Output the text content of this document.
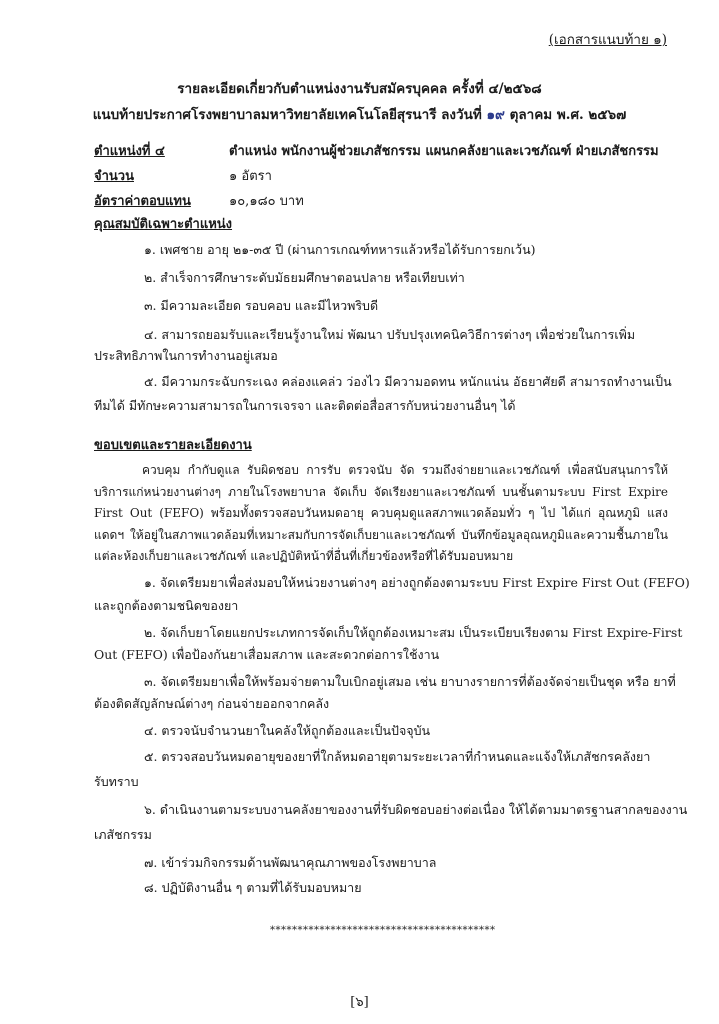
(เอกสารแนบท้าย ๑)
รายละเอียดเกี่ยวกับตำแหน่งงานรับสมัครบุคคล ครั้งที่ ๔/๒๕๖๘
แนบท้ายประกาศโรงพยาบาลมหาวิทยาลัยเทคโนโลยีสุรนารี ลงวันที่ ๑๙ ตุลาคม พ.ศ. ๒๕๖๗
ตำแหน่งที่ ๔	ตำแหน่ง พนักงานผู้ช่วยเภสัชกรรม แผนกคลังยาและเวชภัณฑ์ ฝ่ายเภสัชกรรม
จำนวน	๑ อัตรา
อัตราค่าตอบแทน	๑๐,๑๘๐ บาท
คุณสมบัติเฉพาะตำแหน่ง
๑. เพศชาย อายุ ๒๑-๓๕ ปี (ผ่านการเกณฑ์ทหารแล้วหรือได้รับการยกเว้น)
๒. สำเร็จการศึกษาระดับมัธยมศึกษาตอนปลาย หรือเทียบเท่า
๓. มีความละเอียด รอบคอบ และมีไหวพริบดี
๔. สามารถยอมรับและเรียนรู้งานใหม่ พัฒนา ปรับปรุงเทคนิควิธีการต่างๆ เพื่อช่วยในการเพิ่ม
ประสิทธิภาพในการทำงานอยู่เสมอ
๕. มีความกระฉับกระเฉง คล่องแคล่ว ว่องไว มีความอดทน หนักแน่น อัธยาศัยดี สามารถทำงานเป็น
ทีมได้ มีทักษะความสามารถในการเจรจา และติดต่อสื่อสารกับหน่วยงานอื่นๆ ได้
ขอบเขตและรายละเอียดงาน
ควบคุม กำกับดูแล รับผิดชอบ การรับ ตรวจนับ จัด รวมถึงจ่ายยาและเวชภัณฑ์ เพื่อสนับสนุนการให้บริการแก่หน่วยงานต่างๆ ภายในโรงพยาบาล จัดเก็บ จัดเรียงยาและเวชภัณฑ์ บนชั้นตามระบบ First Expire First Out (FEFO) พร้อมทั้งตรวจสอบวันหมดอายุ ควบคุมดูแลสภาพแวดล้อมทั่ว ๆ ไป ได้แก่ อุณหภูมิ แสงแดดฯ ให้อยู่ในสภาพแวดล้อมที่เหมาะสมกับการจัดเก็บยาและเวชภัณฑ์ บันทึกข้อมูลอุณหภูมิและความชื้นภายในแต่ละห้องเก็บยาและเวชภัณฑ์ และปฏิบัติหน้าที่อื่นที่เกี่ยวข้องหรือที่ได้รับมอบหมาย
๑. จัดเตรียมยาเพื่อส่งมอบให้หน่วยงานต่างๆ อย่างถูกต้องตามระบบ First Expire First Out (FEFO)
และถูกต้องตามชนิดของยา
๒. จัดเก็บยาโดยแยกประเภทการจัดเก็บให้ถูกต้องเหมาะสม เป็นระเบียบเรียงตาม First Expire-First
Out (FEFO) เพื่อป้องกันยาเสื่อมสภาพ และสะดวกต่อการใช้งาน
๓. จัดเตรียมยาเพื่อให้พร้อมจ่ายตามใบเบิกอยู่เสมอ เช่น ยาบางรายการที่ต้องจัดจ่ายเป็นชุด หรือ ยาที่
ต้องติดสัญลักษณ์ต่างๆ ก่อนจ่ายออกจากคลัง
๔. ตรวจนับจำนวนยาในคลังให้ถูกต้องและเป็นปัจจุบัน
๕. ตรวจสอบวันหมดอายุของยาที่ใกล้หมดอายุตามระยะเวลาที่กำหนดและแจ้งให้เภสัชกรคลังยา
รับทราบ
๖. ดำเนินงานตามระบบงานคลังยาของงานที่รับผิดชอบอย่างต่อเนื่อง ให้ได้ตามมาตรฐานสากลของงาน
เภสัชกรรม
๗. เข้าร่วมกิจกรรมด้านพัฒนาคุณภาพของโรงพยาบาล
๘. ปฏิบัติงานอื่น ๆ ตามที่ได้รับมอบหมาย
*****************************************
[๖]
